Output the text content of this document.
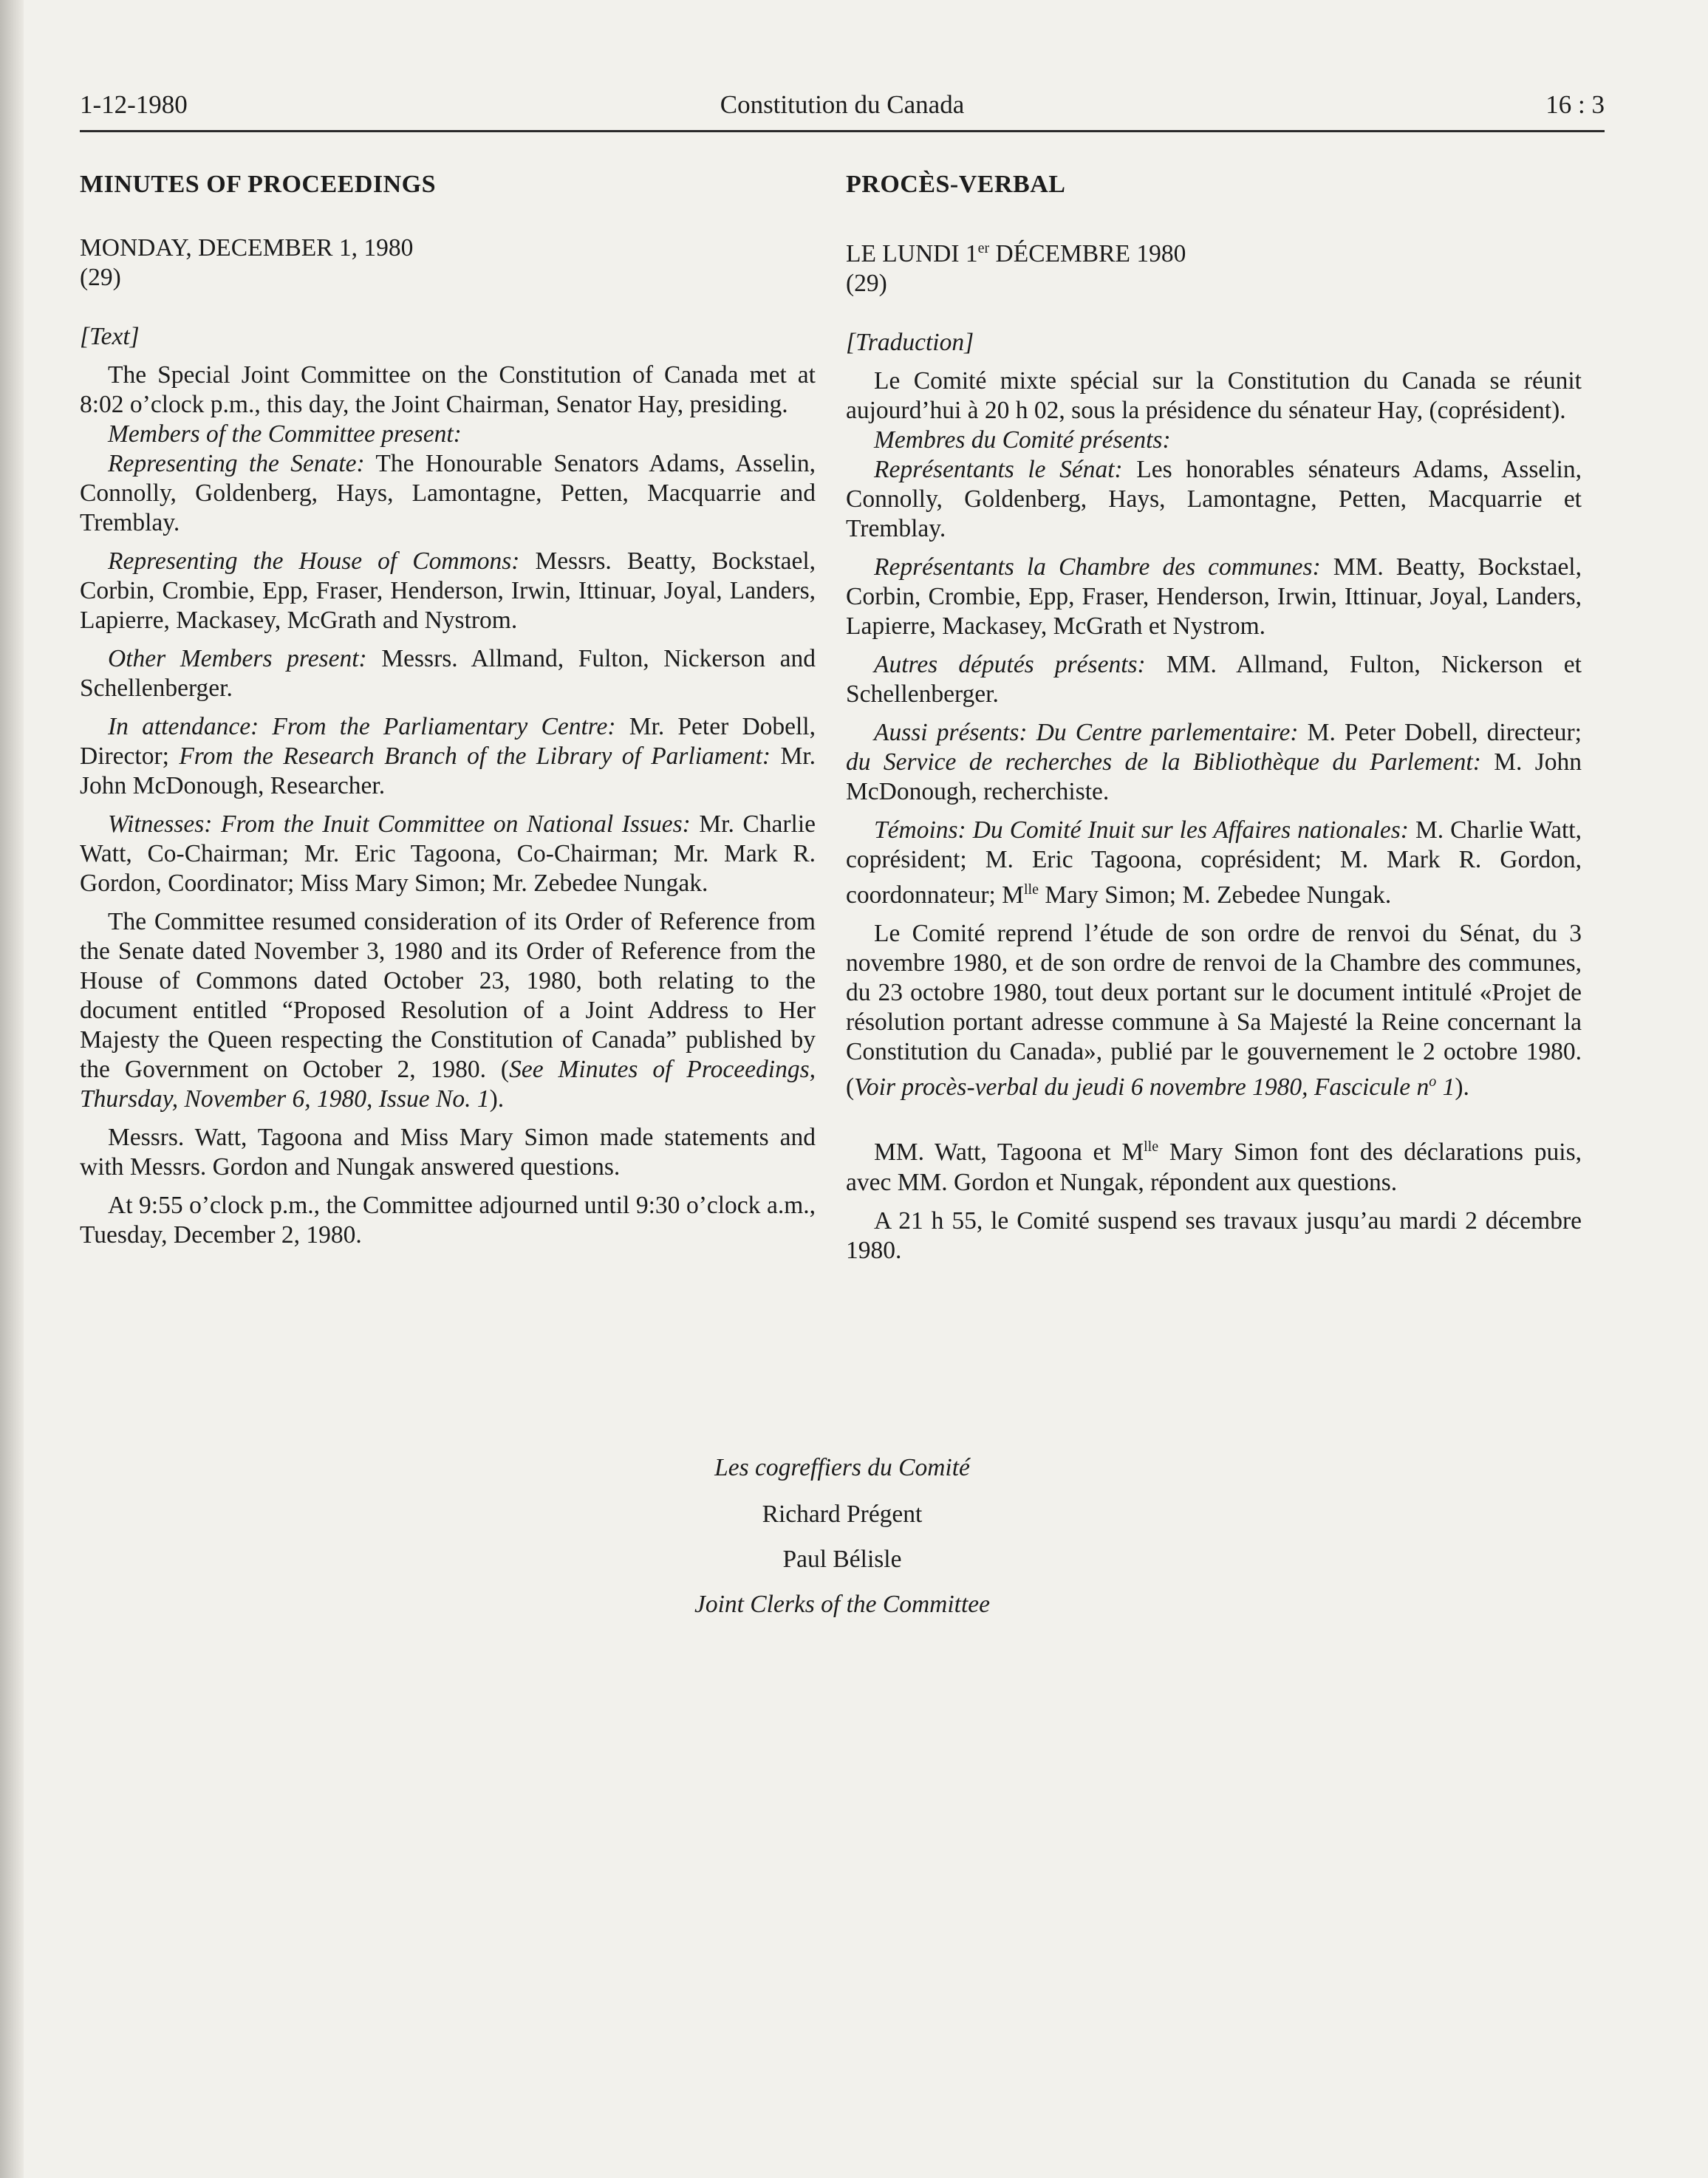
1-12-1980	Constitution du Canada	16 : 3
MINUTES OF PROCEEDINGS
MONDAY, DECEMBER 1, 1980
(29)
[Text]

The Special Joint Committee on the Constitution of Canada met at 8:02 o’clock p.m., this day, the Joint Chairman, Senator Hay, presiding.

Members of the Committee present:

Representing the Senate: The Honourable Senators Adams, Asselin, Connolly, Goldenberg, Hays, Lamontagne, Petten, Macquarrie and Tremblay.

Representing the House of Commons: Messrs. Beatty, Bockstael, Corbin, Crombie, Epp, Fraser, Henderson, Irwin, Ittinuar, Joyal, Landers, Lapierre, Mackasey, McGrath and Nystrom.

Other Members present: Messrs. Allmand, Fulton, Nickerson and Schellenberger.

In attendance: From the Parliamentary Centre: Mr. Peter Dobell, Director; From the Research Branch of the Library of Parliament: Mr. John McDonough, Researcher.

Witnesses: From the Inuit Committee on National Issues: Mr. Charlie Watt, Co-Chairman; Mr. Eric Tagoona, Co-Chairman; Mr. Mark R. Gordon, Coordinator; Miss Mary Simon; Mr. Zebedee Nungak.

The Committee resumed consideration of its Order of Reference from the Senate dated November 3, 1980 and its Order of Reference from the House of Commons dated October 23, 1980, both relating to the document entitled “Proposed Resolution of a Joint Address to Her Majesty the Queen respecting the Constitution of Canada” published by the Government on October 2, 1980. (See Minutes of Proceedings, Thursday, November 6, 1980, Issue No. 1).

Messrs. Watt, Tagoona and Miss Mary Simon made statements and with Messrs. Gordon and Nungak answered questions.

At 9:55 o’clock p.m., the Committee adjourned until 9:30 o’clock a.m., Tuesday, December 2, 1980.

PROCÈS-VERBAL
LE LUNDI 1er DÉCEMBRE 1980
(29)
[Traduction]

Le Comité mixte spécial sur la Constitution du Canada se réunit aujourd’hui à 20 h 02, sous la présidence du sénateur Hay, (coprésident).

Membres du Comité présents:

Représentants le Sénat: Les honorables sénateurs Adams, Asselin, Connolly, Goldenberg, Hays, Lamontagne, Petten, Macquarrie et Tremblay.

Représentants la Chambre des communes: MM. Beatty, Bockstael, Corbin, Crombie, Epp, Fraser, Henderson, Irwin, Ittinuar, Joyal, Landers, Lapierre, Mackasey, McGrath et Nystrom.

Autres députés présents: MM. Allmand, Fulton, Nickerson et Schellenberger.

Aussi présents: Du Centre parlementaire: M. Peter Dobell, directeur; du Service de recherches de la Bibliothèque du Parlement: M. John McDonough, recherchiste.

Témoins: Du Comité Inuit sur les Affaires nationales: M. Charlie Watt, coprésident; M. Eric Tagoona, coprésident; M. Mark R. Gordon, coordonnateur; $M^{lle}$ Mary Simon; M. Zebedee Nungak.

Le Comité reprend l’étude de son ordre de renvoi du Sénat, du 3 novembre 1980, et de son ordre de renvoi de la Chambre des communes, du 23 octobre 1980, tout deux portant sur le document intitulé «Projet de résolution portant adresse commune à Sa Majesté la Reine concernant la Constitution du Canada», publié par le gouvernement le 2 octobre 1980. (Voir procès-verbal du jeudi 6 novembre 1980, Fascicule $n^o$ 1).

MM. Watt, Tagoona et $M^{lle}$ Mary Simon font des déclarations puis, avec MM. Gordon et Nungak, répondent aux questions.

A 21 h 55, le Comité suspend ses travaux jusqu’au mardi 2 décembre 1980.

Les cogreffiers du Comité
Richard Prégent
Paul Bélisle
Joint Clerks of the Committee
